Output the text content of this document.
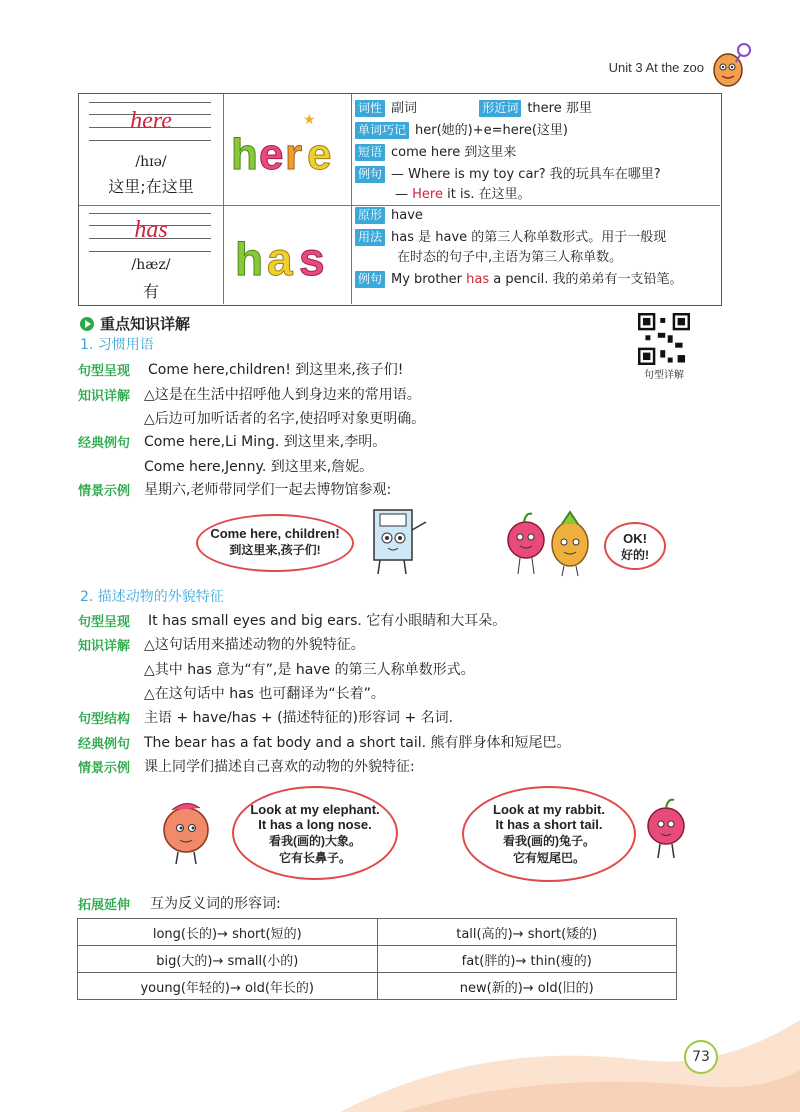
Unit 3 At the zoo
here
/hɪə/
这里;在这里
h e r e
★
词性 副词	形近词 there 那里
单词巧记 her(她的)+e=here(这里)
短语 come here 到这里来
例句 — Where is my toy car? 我的玩具车在哪里?
— Here it is. 在这里。
has
/hæz/
有
h a s
原形 have
用法 has 是 have 的第三人称单数形式。用于一般现
在时态的句子中,主语为第三人称单数。
例句 My brother has a pencil. 我的弟弟有一支铅笔。
重点知识详解
句型详解
1. 习惯用语
句型呈现 Come here,children! 到这里来,孩子们!
知识详解 △这是在生活中招呼他人到身边来的常用语。
△后边可加听话者的名字,使招呼对象更明确。
经典例句 Come here,Li Ming. 到这里来,李明。
Come here,Jenny. 到这里来,詹妮。
情景示例 星期六,老师带同学们一起去博物馆参观:
Come here, children!
到这里来,孩子们!
OK!
好的!
2. 描述动物的外貌特征
句型呈现 It has small eyes and big ears. 它有小眼睛和大耳朵。
知识详解 △这句话用来描述动物的外貌特征。
△其中 has 意为“有”,是 have 的第三人称单数形式。
△在这句话中 has 也可翻译为“长着”。
句型结构 主语 + have/has + (描述特征的)形容词 + 名词.
经典例句 The bear has a fat body and a short tail. 熊有胖身体和短尾巴。
情景示例 课上同学们描述自己喜欢的动物的外貌特征:
Look at my elephant.
It has a long nose.
看我(画的)大象。
它有长鼻子。
Look at my rabbit.
It has a short tail.
看我(画的)兔子。
它有短尾巴。
拓展延伸 互为反义词的形容词:
long(长的)→ short(短的)	tall(高的)→ short(矮的)
big(大的)→ small(小的)	fat(胖的)→ thin(瘦的)
young(年轻的)→ old(年长的)	new(新的)→ old(旧的)
73
